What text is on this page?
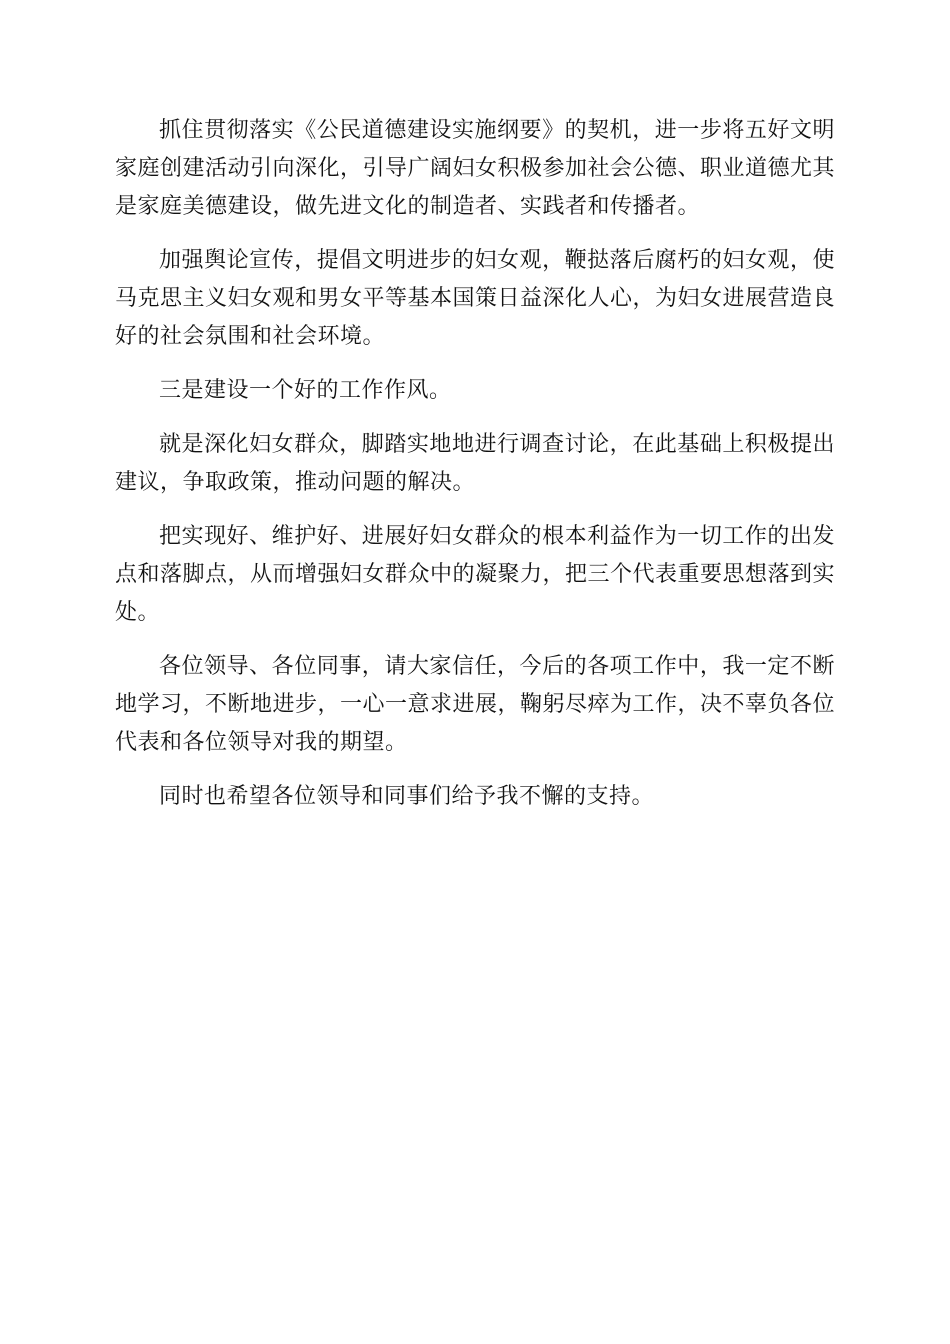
抓住贯彻落实《公民道德建设实施纲要》的契机，进一步将五好文明家庭创建活动引向深化，引导广阔妇女积极参加社会公德、职业道德尤其是家庭美德建设，做先进文化的制造者、实践者和传播者。

加强舆论宣传，提倡文明进步的妇女观，鞭挞落后腐朽的妇女观，使马克思主义妇女观和男女平等基本国策日益深化人心，为妇女进展营造良好的社会氛围和社会环境。

三是建设一个好的工作作风。

就是深化妇女群众，脚踏实地地进行调查讨论，在此基础上积极提出建议，争取政策，推动问题的解决。

把实现好、维护好、进展好妇女群众的根本利益作为一切工作的出发点和落脚点，从而增强妇女群众中的凝聚力，把三个代表重要思想落到实处。

各位领导、各位同事，请大家信任，今后的各项工作中，我一定不断地学习，不断地进步，一心一意求进展，鞠躬尽瘁为工作，决不辜负各位代表和各位领导对我的期望。

同时也希望各位领导和同事们给予我不懈的支持。
